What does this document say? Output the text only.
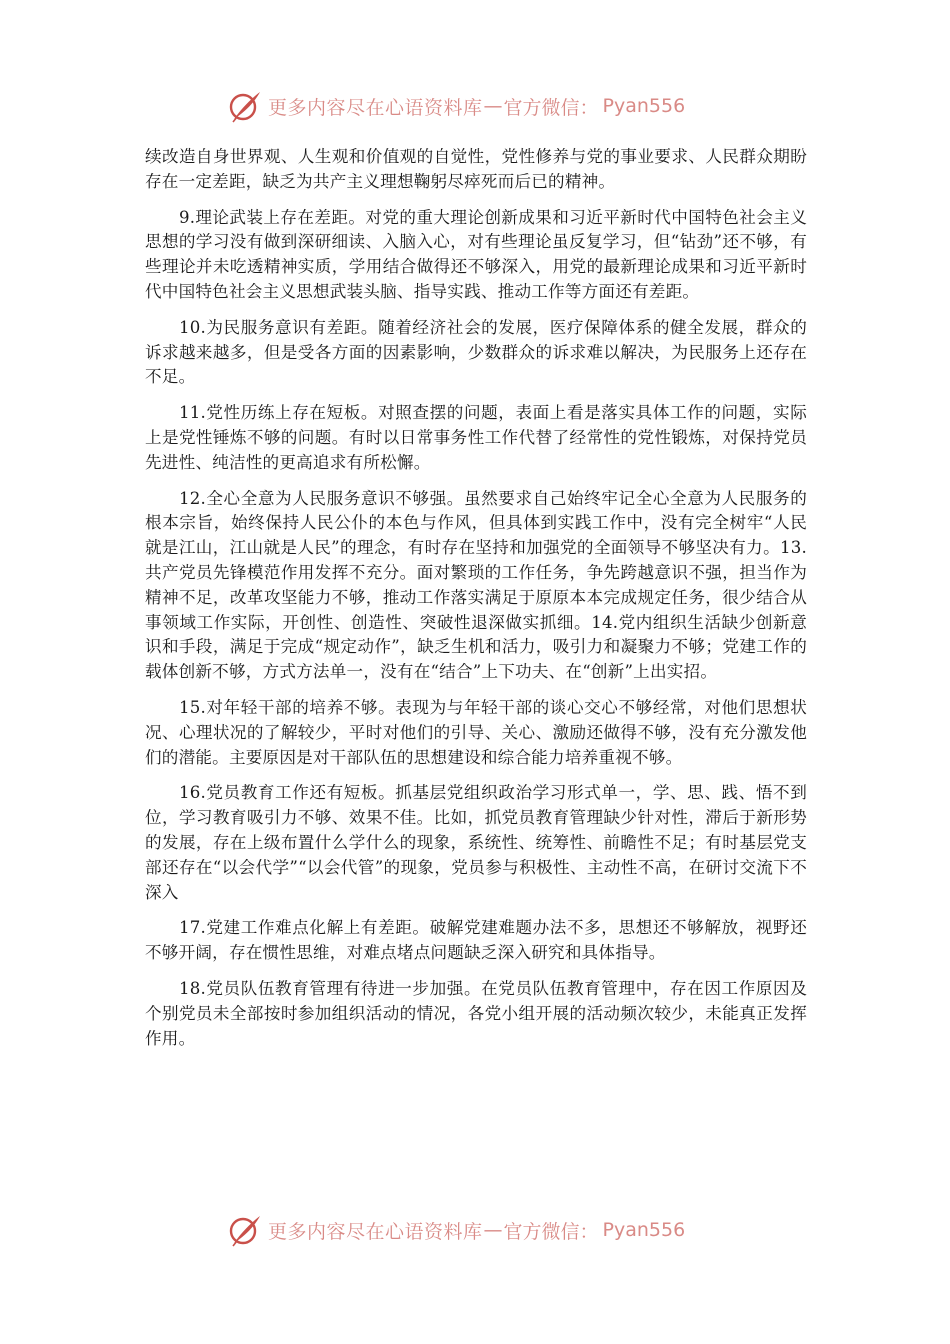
更多内容尽在心语资料库 — 官方微信： Pyan556

续改造自身世界观、人生观和价值观的自觉性，党性修养与党的事业要求、人民群众期盼存在一定差距，缺乏为共产主义理想鞠躬尽瘁死而后已的精神。

9.理论武装上存在差距。对党的重大理论创新成果和习近平新时代中国特色社会主义思想的学习没有做到深研细读、入脑入心，对有些理论虽反复学习，但“钻劲”还不够，有些理论并未吃透精神实质，学用结合做得还不够深入，用党的最新理论成果和习近平新时代中国特色社会主义思想武装头脑、指导实践、推动工作等方面还有差距。

10.为民服务意识有差距。随着经济社会的发展，医疗保障体系的健全发展，群众的诉求越来越多，但是受各方面的因素影响，少数群众的诉求难以解决，为民服务上还存在不足。

11.党性历练上存在短板。对照查摆的问题，表面上看是落实具体工作的问题，实际上是党性锤炼不够的问题。有时以日常事务性工作代替了经常性的党性锻炼，对保持党员先进性、纯洁性的更高追求有所松懈。

12.全心全意为人民服务意识不够强。虽然要求自己始终牢记全心全意为人民服务的根本宗旨，始终保持人民公仆的本色与作风，但具体到实践工作中，没有完全树牢“人民就是江山，江山就是人民”的理念，有时存在坚持和加强党的全面领导不够坚决有力。13.共产党员先锋模范作用发挥不充分。面对繁琐的工作任务，争先跨越意识不强，担当作为精神不足，改革攻坚能力不够，推动工作落实满足于原原本本完成规定任务，很少结合从事领域工作实际，开创性、创造性、突破性退深做实抓细。14.党内组织生活缺少创新意识和手段，满足于完成“规定动作”，缺乏生机和活力，吸引力和凝聚力不够；党建工作的载体创新不够，方式方法单一，没有在“结合”上下功夫、在“创新”上出实招。

15.对年轻干部的培养不够。表现为与年轻干部的谈心交心不够经常，对他们思想状况、心理状况的了解较少，平时对他们的引导、关心、激励还做得不够，没有充分激发他们的潜能。主要原因是对干部队伍的思想建设和综合能力培养重视不够。

16.党员教育工作还有短板。抓基层党组织政治学习形式单一，学、思、践、悟不到位，学习教育吸引力不够、效果不佳。比如，抓党员教育管理缺少针对性，滞后于新形势的发展，存在上级布置什么学什么的现象，系统性、统筹性、前瞻性不足；有时基层党支部还存在“以会代学”“以会代管”的现象，党员参与积极性、主动性不高，在研讨交流下不深入

17.党建工作难点化解上有差距。破解党建难题办法不多，思想还不够解放，视野还不够开阔，存在惯性思维，对难点堵点问题缺乏深入研究和具体指导。

18.党员队伍教育管理有待进一步加强。在党员队伍教育管理中，存在因工作原因及个别党员未全部按时参加组织活动的情况，各党小组开展的活动频次较少，未能真正发挥作用。

更多内容尽在心语资料库 — 官方微信： Pyan556
